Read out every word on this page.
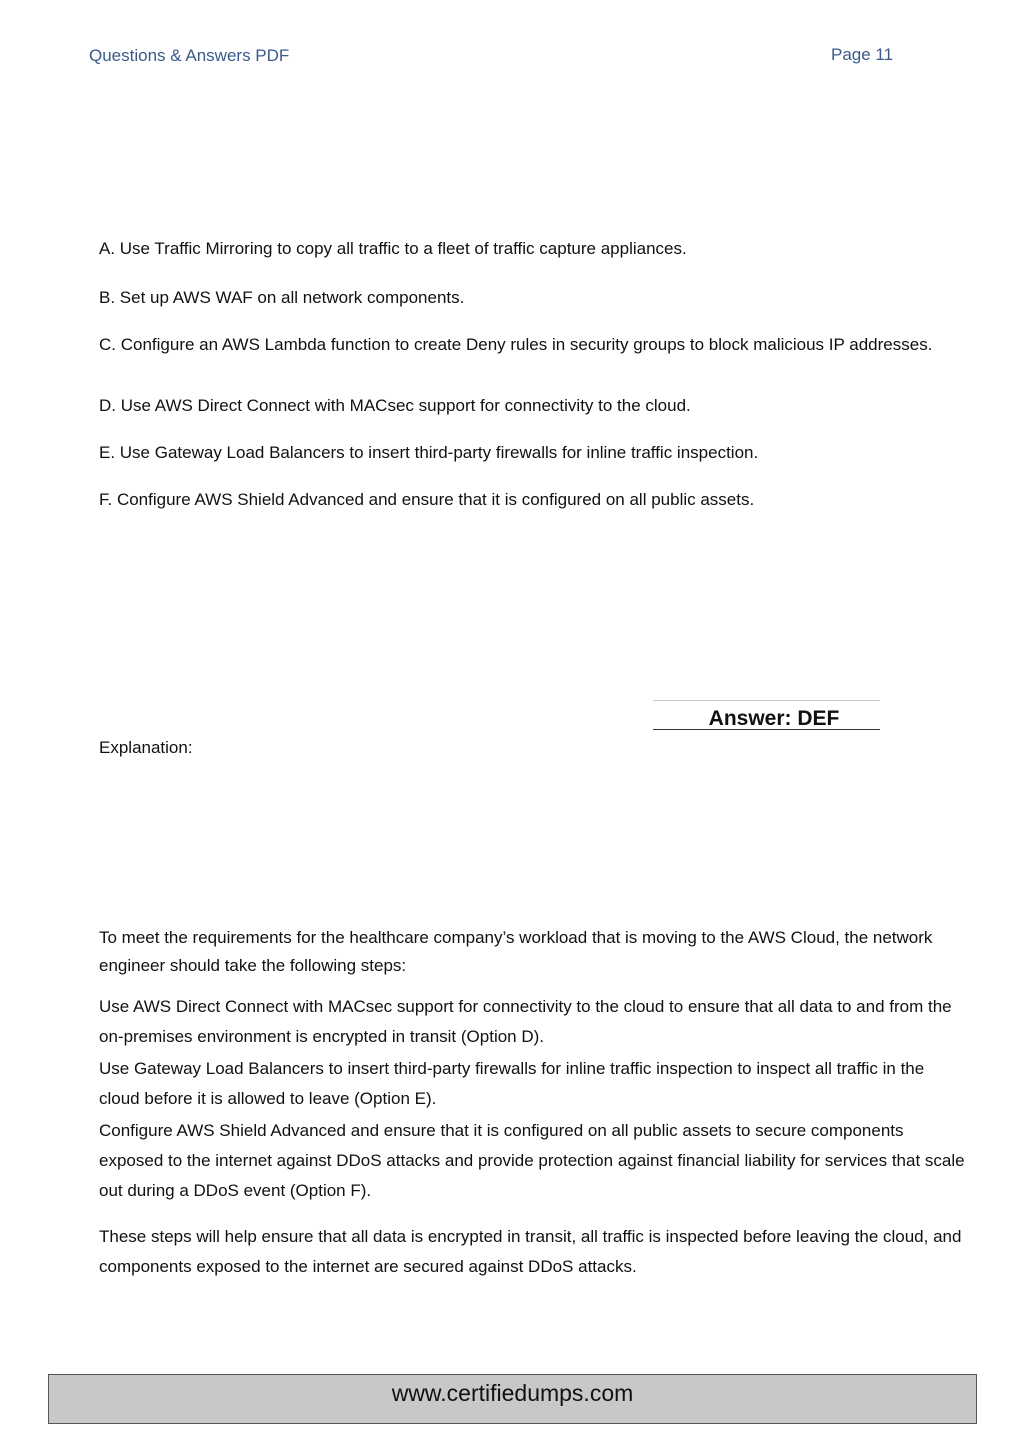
Questions & Answers PDF	Page 11

A. Use Traffic Mirroring to copy all traffic to a fleet of traffic capture appliances.

B. Set up AWS WAF on all network components.

C. Configure an AWS Lambda function to create Deny rules in security groups to block malicious IP addresses.

D. Use AWS Direct Connect with MACsec support for connectivity to the cloud.

E. Use Gateway Load Balancers to insert third-party firewalls for inline traffic inspection.

F. Configure AWS Shield Advanced and ensure that it is configured on all public assets.

Answer: DEF
Explanation:

To meet the requirements for the healthcare company’s workload that is moving to the AWS Cloud, the network engineer should take the following steps:

Use AWS Direct Connect with MACsec support for connectivity to the cloud to ensure that all data to and from the on-premises environment is encrypted in transit (Option D).

Use Gateway Load Balancers to insert third-party firewalls for inline traffic inspection to inspect all traffic in the cloud before it is allowed to leave (Option E).

Configure AWS Shield Advanced and ensure that it is configured on all public assets to secure components exposed to the internet against DDoS attacks and provide protection against financial liability for services that scale out during a DDoS event (Option F).

These steps will help ensure that all data is encrypted in transit, all traffic is inspected before leaving the cloud, and components exposed to the internet are secured against DDoS attacks.

www.certifiedumps.com
